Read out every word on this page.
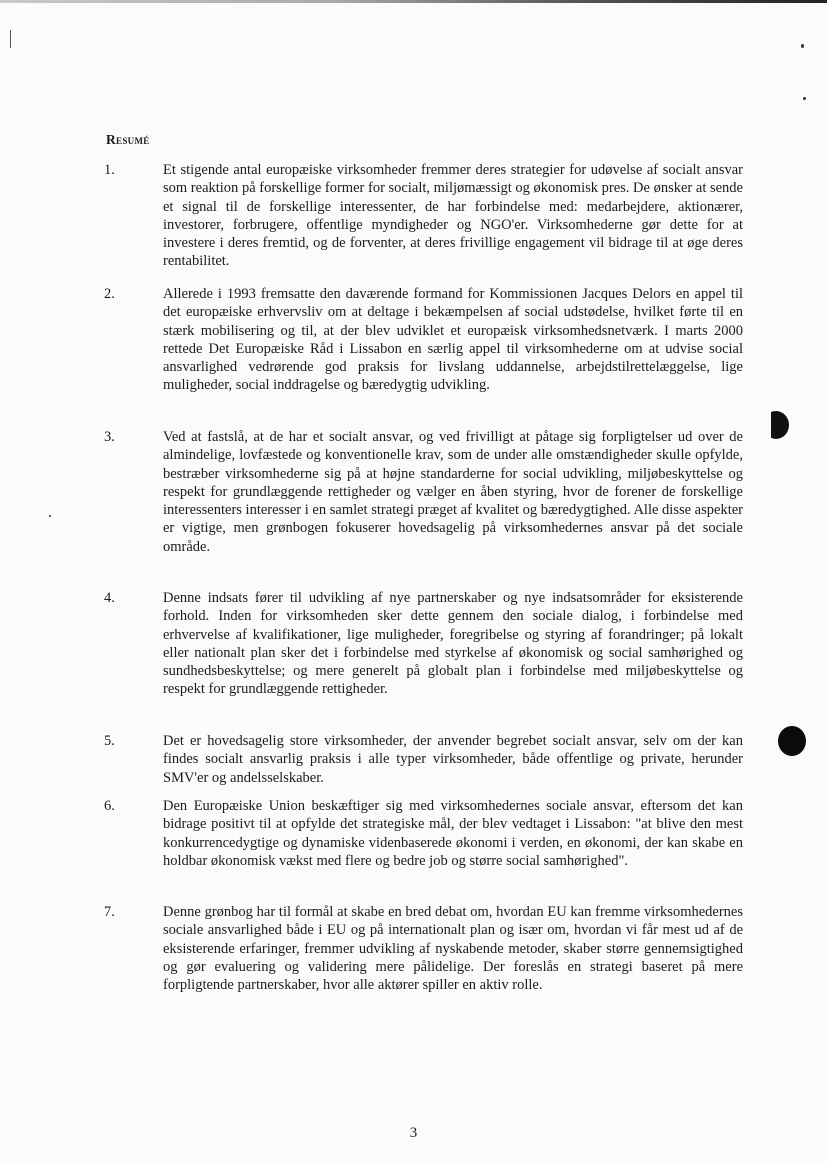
Resumé
1.	Et stigende antal europæiske virksomheder fremmer deres strategier for udøvelse af socialt ansvar som reaktion på forskellige former for socialt, miljømæssigt og økonomisk pres. De ønsker at sende et signal til de forskellige interessenter, de har forbindelse med: medarbejdere, aktionærer, investorer, forbrugere, offentlige myndigheder og NGO'er. Virksomhederne gør dette for at investere i deres fremtid, og de forventer, at deres frivillige engagement vil bidrage til at øge deres rentabilitet.
2.	Allerede i 1993 fremsatte den daværende formand for Kommissionen Jacques Delors en appel til det europæiske erhvervsliv om at deltage i bekæmpelsen af social udstødelse, hvilket førte til en stærk mobilisering og til, at der blev udviklet et europæisk virksomhedsnetværk. I marts 2000 rettede Det Europæiske Råd i Lissabon en særlig appel til virksomhederne om at udvise social ansvarlighed vedrørende god praksis for livslang uddannelse, arbejdstilrettelæggelse, lige muligheder, social inddragelse og bæredygtig udvikling.
3.	Ved at fastslå, at de har et socialt ansvar, og ved frivilligt at påtage sig forpligtelser ud over de almindelige, lovfæstede og konventionelle krav, som de under alle omstændigheder skulle opfylde, bestræber virksomhederne sig på at højne standarderne for social udvikling, miljøbeskyttelse og respekt for grundlæggende rettigheder og vælger en åben styring, hvor de forener de forskellige interessenters interesser i en samlet strategi præget af kvalitet og bæredygtighed. Alle disse aspekter er vigtige, men grønbogen fokuserer hovedsagelig på virksomhedernes ansvar på det sociale område.
4.	Denne indsats fører til udvikling af nye partnerskaber og nye indsatsområder for eksisterende forhold. Inden for virksomheden sker dette gennem den sociale dialog, i forbindelse med erhvervelse af kvalifikationer, lige muligheder, foregribelse og styring af forandringer; på lokalt eller nationalt plan sker det i forbindelse med styrkelse af økonomisk og social samhørighed og sundhedsbeskyttelse; og mere generelt på globalt plan i forbindelse med miljøbeskyttelse og respekt for grundlæggende rettigheder.
5.	Det er hovedsagelig store virksomheder, der anvender begrebet socialt ansvar, selv om der kan findes socialt ansvarlig praksis i alle typer virksomheder, både offentlige og private, herunder SMV'er og andelsselskaber.
6.	Den Europæiske Union beskæftiger sig med virksomhedernes sociale ansvar, eftersom det kan bidrage positivt til at opfylde det strategiske mål, der blev vedtaget i Lissabon: "at blive den mest konkurrencedygtige og dynamiske videnbaserede økonomi i verden, en økonomi, der kan skabe en holdbar økonomisk vækst med flere og bedre job og større social samhørighed".
7.	Denne grønbog har til formål at skabe en bred debat om, hvordan EU kan fremme virksomhedernes sociale ansvarlighed både i EU og på internationalt plan og især om, hvordan vi får mest ud af de eksisterende erfaringer, fremmer udvikling af nyskabende metoder, skaber større gennemsigtighed og gør evaluering og validering mere pålidelige. Der foreslås en strategi baseret på mere forpligtende partnerskaber, hvor alle aktører spiller en aktiv rolle.
3
